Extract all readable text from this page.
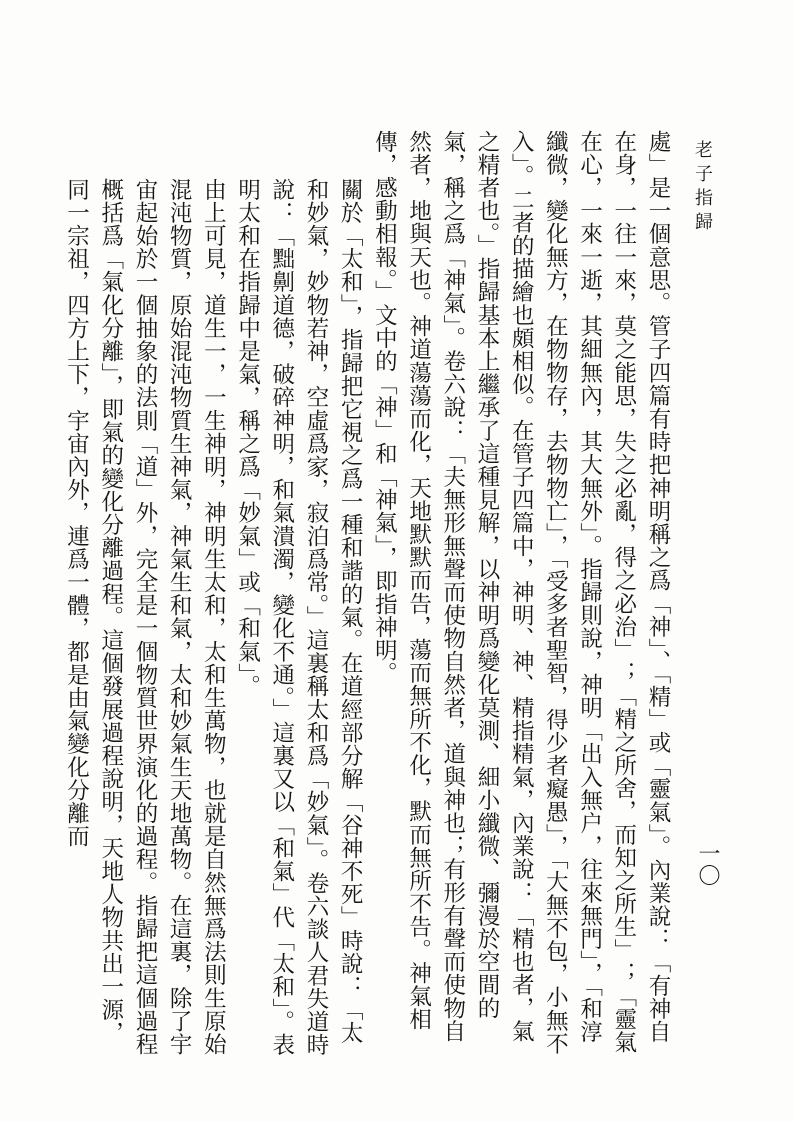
老子指歸
一〇

處」是一個意思。管子四篇有時把神明稱之爲「神」、「精」或「靈氣」。內業說：「有神自在身，一往一來，莫之能思，失之必亂，得之必治」；「精之所舍，而知之所生」；「靈氣在心，一來一逝，其細無內，其大無外」。指歸則說，神明「出入無户，往來無門」，「和淳纖微，變化無方，在物物存，去物物亡」，「受多者聖智，得少者癡愚」，「大無不包，小無不入」。二者的描繪也頗相似。在管子四篇中，神明、神、精指精氣，內業說：「精也者，氣之精者也。」指歸基本上繼承了這種見解，以神明爲變化莫測、細小纖微、彌漫於空間的氣，稱之爲「神氣」。卷六說：「夫無形無聲而使物自然者，道與神也；有形有聲而使物自然者，地與天也。神道蕩蕩而化，天地默默而告，蕩而無所不化，默而無所不告。神氣相傳，感動相報。」文中的「神」和「神氣」，即指神明。

關於「太和」，指歸把它視之爲一種和諧的氣。在道經部分解「谷神不死」時說：「太和妙氣，妙物若神，空虛爲家，寂泊爲常。」這裏稱太和爲「妙氣」。卷六談人君失道時說：「黜劓道德，破碎神明，和氣潰濁，變化不通。」這裏又以「和氣」代「太和」。表明太和在指歸中是氣，稱之爲「妙氣」或「和氣」。

由上可見，道生一，一生神明，神明生太和，太和生萬物，也就是自然無爲法則生原始混沌物質，原始混沌物質生神氣，神氣生和氣，太和妙氣生天地萬物。在這裏，除了宇宙起始於一個抽象的法則「道」外，完全是一個物質世界演化的過程。指歸把這個過程概括爲「氣化分離」，即氣的變化分離過程。這個發展過程說明，天地人物共出一源，同一宗祖，四方上下，宇宙內外，連爲一體，都是由氣變化分離而
